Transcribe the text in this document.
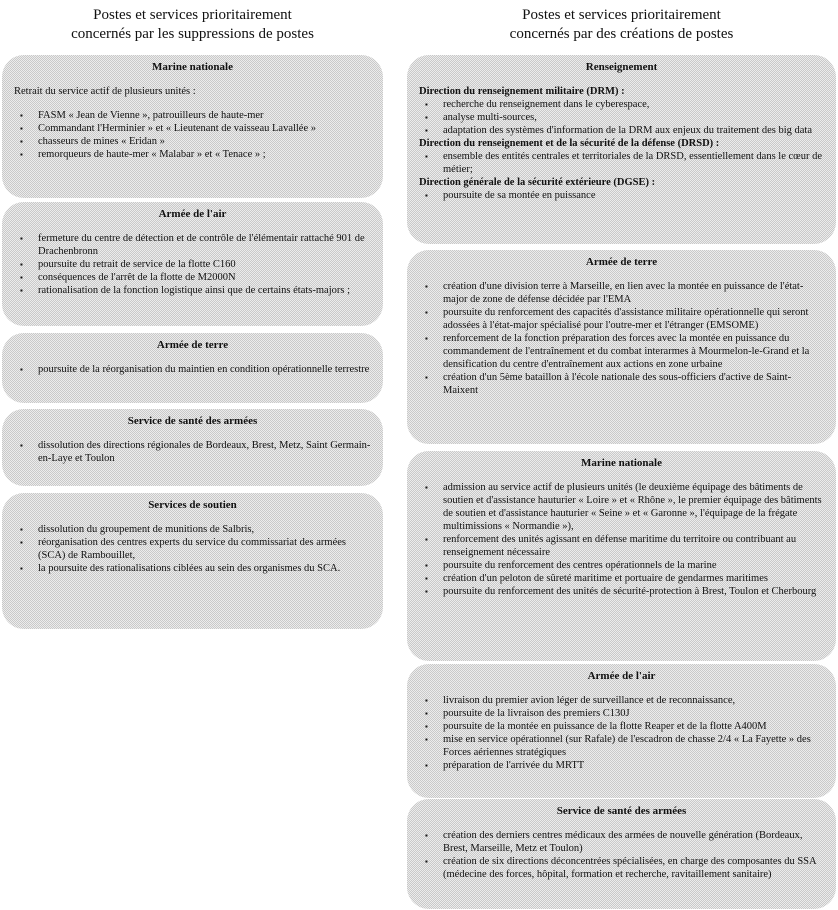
Postes et services prioritairement
concernés par les suppressions de postes
Postes et services prioritairement
concernés par des créations de postes
Marine nationale
Retrait du service actif de plusieurs unités :
▪ FASM « Jean de Vienne », patrouilleurs de haute-mer
▪ Commandant l'Herminier » et « Lieutenant de vaisseau Lavallée »
▪ chasseurs de mines « Eridan »
▪ remorqueurs de haute-mer « Malabar » et « Tenace » ;
Armée de l'air
▪ fermeture du centre de détection et de contrôle de l'élémentair rattaché 901 de Drachenbronn
▪ poursuite du retrait de service de la flotte C160
▪ conséquences de l'arrêt de la flotte de M2000N
▪ rationalisation de la fonction logistique ainsi que de certains états-majors ;
Armée de terre
▪ poursuite de la réorganisation du maintien en condition opérationnelle terrestre
Service de santé des armées
▪ dissolution des directions régionales de Bordeaux, Brest, Metz, Saint Germain-en-Laye et Toulon
Services de soutien
▪ dissolution du groupement de munitions de Salbris,
▪ réorganisation des centres experts du service du commissariat des armées (SCA) de Rambouillet,
▪ la poursuite des rationalisations ciblées au sein des organismes du SCA.
Renseignement
Direction du renseignement militaire (DRM) :
▪ recherche du renseignement dans le cyberespace,
▪ analyse multi-sources,
▪ adaptation des systèmes d'information de la DRM aux enjeux du traitement des big data
Direction du renseignement et de la sécurité de la défense (DRSD) :
▪ ensemble des entités centrales et territoriales de la DRSD, essentiellement dans le cœur de métier;
Direction générale de la sécurité extérieure (DGSE) :
▪ poursuite de sa montée en puissance
Armée de terre
▪ création d'une division terre à Marseille, en lien avec la montée en puissance de l'état-major de zone de défense décidée par l'EMA
▪ poursuite du renforcement des capacités d'assistance militaire opérationnelle qui seront adossées à l'état-major spécialisé pour l'outre-mer et l'étranger (EMSOME)
▪ renforcement de la fonction préparation des forces avec la montée en puissance du commandement de l'entraînement et du combat interarmes à Mourmelon-le-Grand et la densification du centre d'entraînement aux actions en zone urbaine
▪ création d'un 5ème bataillon à l'école nationale des sous-officiers d'active de Saint-Maixent
Marine nationale
▪ admission au service actif de plusieurs unités (le deuxième équipage des bâtiments de soutien et d'assistance hauturier « Loire » et « Rhône », le premier équipage des bâtiments de soutien et d'assistance hauturier « Seine » et « Garonne », l'équipage de la frégate multimissions « Normandie »),
▪ renforcement des unités agissant en défense maritime du territoire ou contribuant au renseignement nécessaire
▪ poursuite du renforcement des centres opérationnels de la marine
▪ création d'un peloton de sûreté maritime et portuaire de gendarmes maritimes
▪ poursuite du renforcement des unités de sécurité-protection à Brest, Toulon et Cherbourg
Armée de l'air
▪ livraison du premier avion léger de surveillance et de reconnaissance,
▪ poursuite de la livraison des premiers C130J
▪ poursuite de la montée en puissance de la flotte Reaper et de la flotte A400M
▪ mise en service opérationnel (sur Rafale) de l'escadron de chasse 2/4 « La Fayette » des Forces aériennes stratégiques
▪ préparation de l'arrivée du MRTT
Service de santé des armées
▪ création des derniers centres médicaux des armées de nouvelle génération (Bordeaux, Brest, Marseille, Metz et Toulon)
▪ création de six directions déconcentrées spécialisées, en charge des composantes du SSA (médecine des forces, hôpital, formation et recherche, ravitaillement sanitaire)
